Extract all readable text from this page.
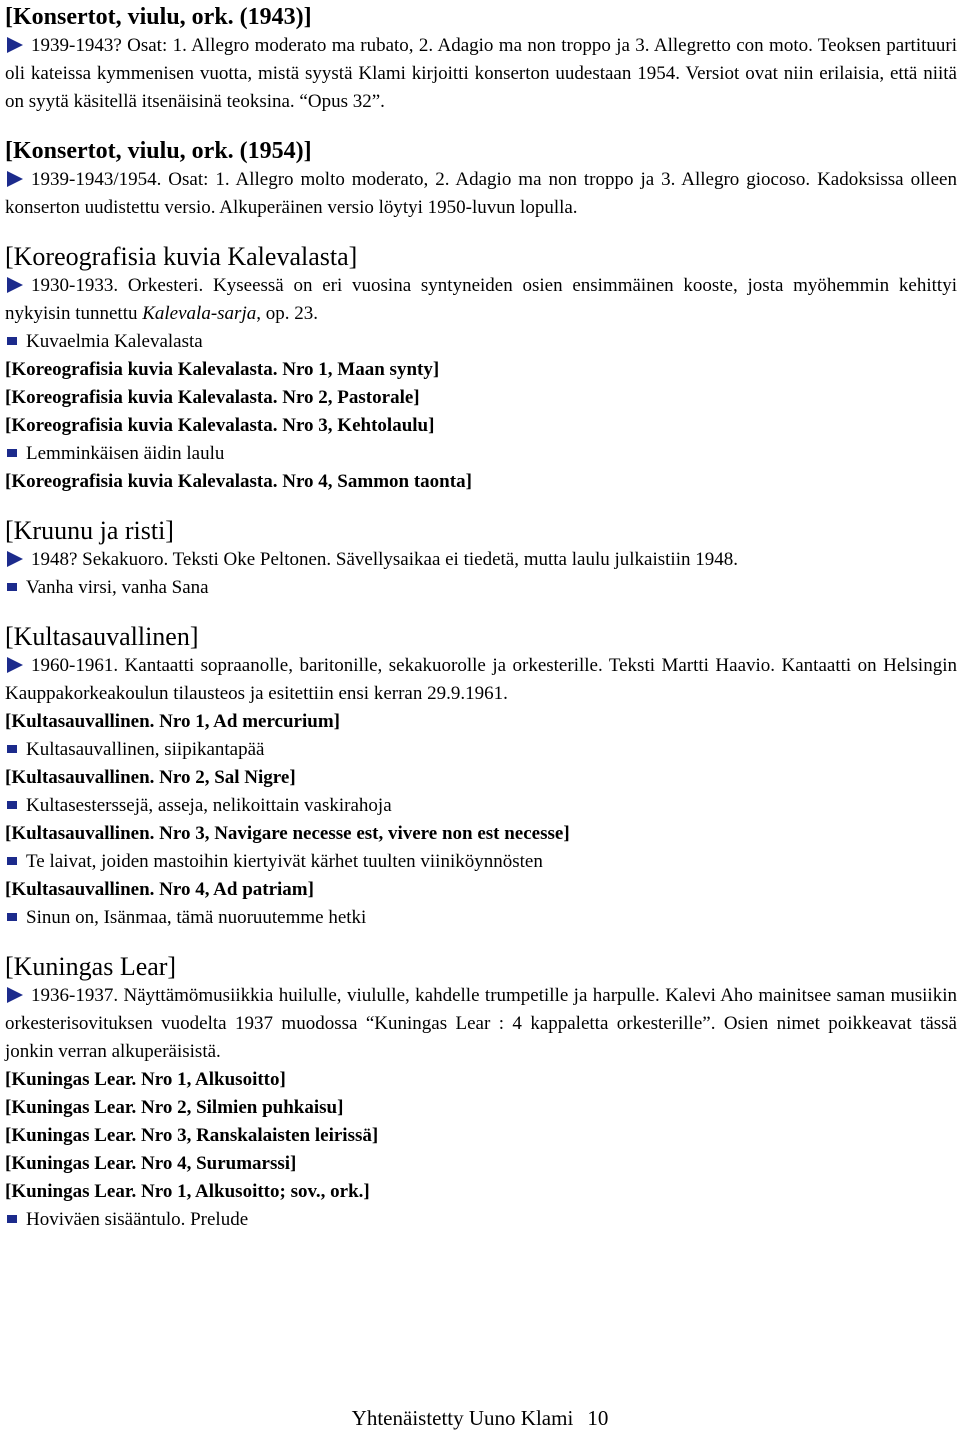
[Konsertot, viulu, ork. (1943)]

1939-1943? Osat: 1. Allegro moderato ma rubato, 2. Adagio ma non troppo ja 3. Allegretto con moto. Teoksen partituuri oli kateissa kymmenisen vuotta, mistä syystä Klami kirjoitti konserton uudestaan 1954. Versiot ovat niin erilaisia, että niitä on syytä käsitellä itsenäisinä teoksina. “Opus 32”.

[Konsertot, viulu, ork. (1954)]

1939-1943/1954. Osat: 1. Allegro molto moderato, 2. Adagio ma non troppo ja 3. Allegro giocoso. Kadoksissa olleen konserton uudistettu versio. Alkuperäinen versio löytyi 1950-luvun lopulla.

[Koreografisia kuvia Kalevalasta]

1930-1933. Orkesteri. Kyseessä on eri vuosina syntyneiden osien ensimmäinen kooste, josta myöhemmin kehittyi nykyisin tunnettu Kalevala-sarja, op. 23.

Kuvaelmia Kalevalasta

[Koreografisia kuvia Kalevalasta. Nro 1, Maan synty]

[Koreografisia kuvia Kalevalasta. Nro 2, Pastorale]

[Koreografisia kuvia Kalevalasta. Nro 3, Kehtolaulu]

Lemminkäisen äidin laulu

[Koreografisia kuvia Kalevalasta. Nro 4, Sammon taonta]

[Kruunu ja risti]

1948? Sekakuoro. Teksti Oke Peltonen. Sävellysaikaa ei tiedetä, mutta laulu julkaistiin 1948.

Vanha virsi, vanha Sana

[Kultasauvallinen]

1960-1961. Kantaatti sopraanolle, baritonille, sekakuorolle ja orkesterille. Teksti Martti Haavio. Kantaatti on Helsingin Kauppakorkeakoulun tilausteos ja esitettiin ensi kerran 29.9.1961.

[Kultasauvallinen. Nro 1, Ad mercurium]

Kultasauvallinen, siipikantapää

[Kultasauvallinen. Nro 2, Sal Nigre]

Kultasesterssejä, asseja, nelikoittain vaskirahoja

[Kultasauvallinen. Nro 3, Navigare necesse est, vivere non est necesse]

Te laivat, joiden mastoihin kiertyivät kärhet tuulten viiniköynnösten

[Kultasauvallinen. Nro 4, Ad patriam]

Sinun on, Isänmaa, tämä nuoruutemme hetki

[Kuningas Lear]

1936-1937. Näyttämömusiikkia huilulle, viululle, kahdelle trumpetille ja harpulle. Kalevi Aho mainitsee saman musiikin orkesterisovituksen vuodelta 1937 muodossa “Kuningas Lear : 4 kappaletta orkesterille”. Osien nimet poikkeavat tässä jonkin verran alkuperäisistä.

[Kuningas Lear. Nro 1, Alkusoitto]

[Kuningas Lear. Nro 2, Silmien puhkaisu]

[Kuningas Lear. Nro 3, Ranskalaisten leirissä]

[Kuningas Lear. Nro 4, Surumarssi]

[Kuningas Lear. Nro 1, Alkusoitto; sov., ork.]

Hoviväen sisääntulo. Prelude

Yhtenäistetty Uuno Klami 10
